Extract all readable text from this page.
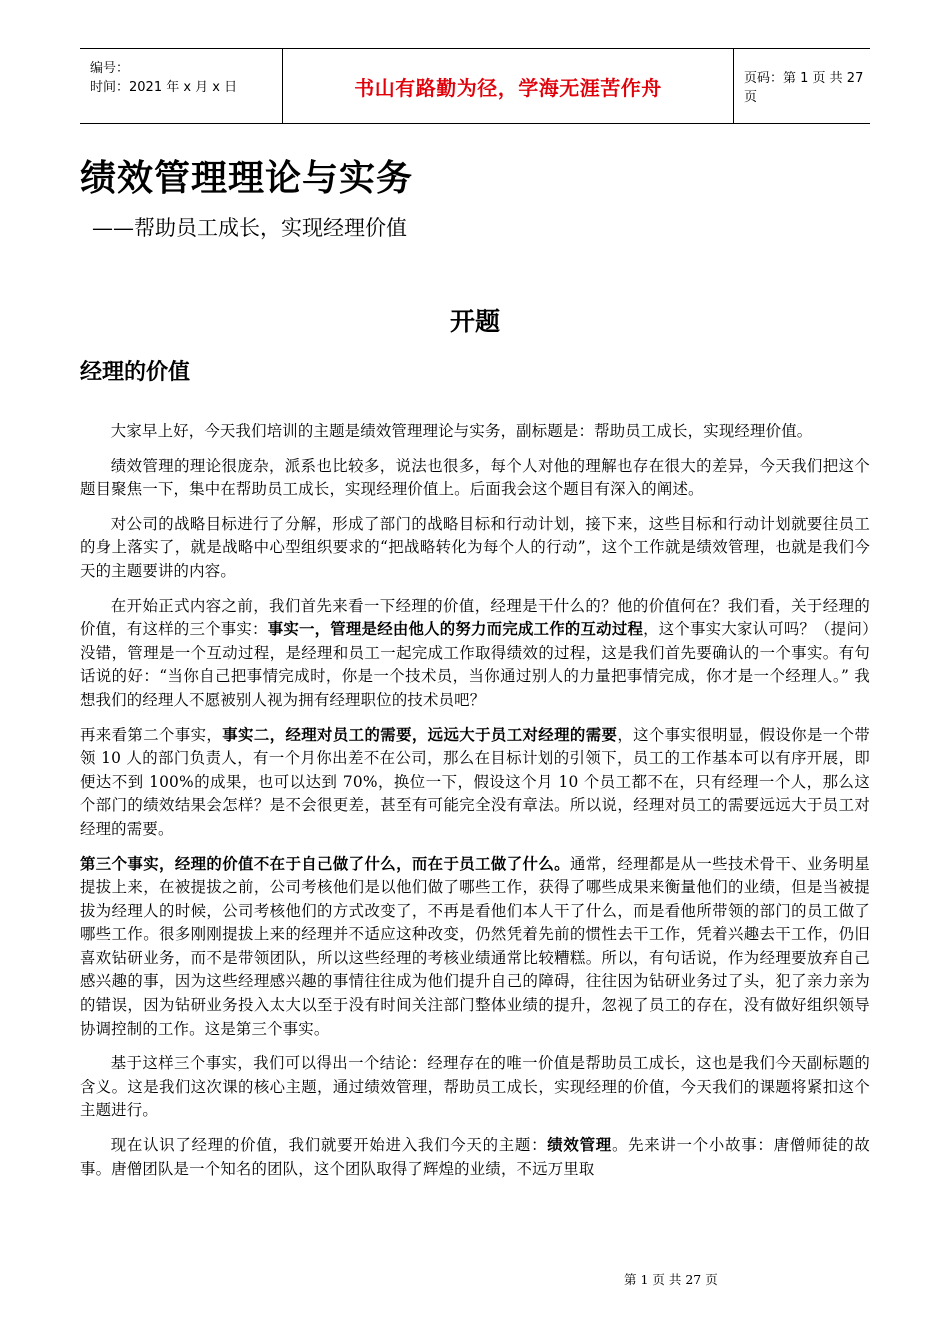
编号：
时间：2021 年 x 月 x 日	书山有路勤为径，学海无涯苦作舟	页码：第 1 页 共 27 页
绩效管理理论与实务
——帮助员工成长，实现经理价值
开题
经理的价值

大家早上好，今天我们培训的主题是绩效管理理论与实务，副标题是：帮助员工成长，实现经理价值。

绩效管理的理论很庞杂，派系也比较多，说法也很多，每个人对他的理解也存在很大的差异，今天我们把这个题目聚焦一下，集中在帮助员工成长，实现经理价值上。后面我会这个题目有深入的阐述。

对公司的战略目标进行了分解，形成了部门的战略目标和行动计划，接下来，这些目标和行动计划就要往员工的身上落实了，就是战略中心型组织要求的“把战略转化为每个人的行动”，这个工作就是绩效管理，也就是我们今天的主题要讲的内容。

在开始正式内容之前，我们首先来看一下经理的价值，经理是干什么的？他的价值何在？我们看，关于经理的价值，有这样的三个事实：事实一，管理是经由他人的努力而完成工作的互动过程，这个事实大家认可吗？（提问）没错，管理是一个互动过程，是经理和员工一起完成工作取得绩效的过程，这是我们首先要确认的一个事实。有句话说的好：“当你自己把事情完成时，你是一个技术员，当你通过别人的力量把事情完成，你才是一个经理人。” 我想我们的经理人不愿被别人视为拥有经理职位的技术员吧？

再来看第二个事实，事实二，经理对员工的需要，远远大于员工对经理的需要，这个事实很明显，假设你是一个带领 10 人的部门负责人，有一个月你出差不在公司，那么在目标计划的引领下，员工的工作基本可以有序开展，即便达不到 100%的成果，也可以达到 70%，换位一下，假设这个月 10 个员工都不在，只有经理一个人，那么这个部门的绩效结果会怎样？是不会很更差，甚至有可能完全没有章法。所以说，经理对员工的需要远远大于员工对经理的需要。

第三个事实，经理的价值不在于自己做了什么，而在于员工做了什么。通常，经理都是从一些技术骨干、业务明星提拔上来，在被提拔之前，公司考核他们是以他们做了哪些工作，获得了哪些成果来衡量他们的业绩，但是当被提拔为经理人的时候，公司考核他们的方式改变了，不再是看他们本人干了什么，而是看他所带领的部门的员工做了哪些工作。很多刚刚提拔上来的经理并不适应这种改变，仍然凭着先前的惯性去干工作，凭着兴趣去干工作，仍旧喜欢钻研业务，而不是带领团队，所以这些经理的考核业绩通常比较糟糕。所以，有句话说，作为经理要放弃自己感兴趣的事，因为这些经理感兴趣的事情往往成为他们提升自己的障碍，往往因为钻研业务过了头，犯了亲力亲为的错误，因为钻研业务投入太大以至于没有时间关注部门整体业绩的提升，忽视了员工的存在，没有做好组织领导协调控制的工作。这是第三个事实。

基于这样三个事实，我们可以得出一个结论：经理存在的唯一价值是帮助员工成长，这也是我们今天副标题的含义。这是我们这次课的核心主题，通过绩效管理，帮助员工成长，实现经理的价值，今天我们的课题将紧扣这个主题进行。

现在认识了经理的价值，我们就要开始进入我们今天的主题：绩效管理。先来讲一个小故事：唐僧师徒的故事。唐僧团队是一个知名的团队，这个团队取得了辉煌的业绩，不远万里取

第 1 页 共 27 页
